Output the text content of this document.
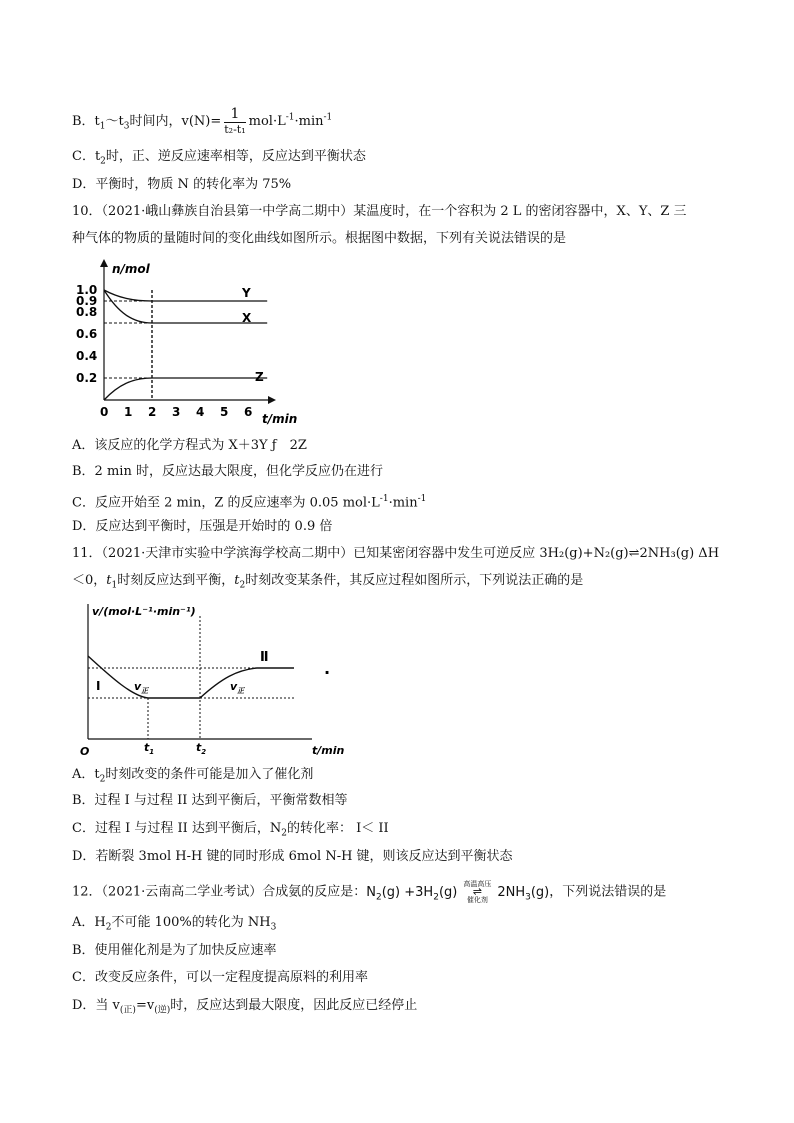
B．$t_1\sim t_3$时间内，$v(N)= \frac{1}{\text{t₂-t₁}} mol\cdot L^{-1}\cdot\min^{-1}$
C．$t_2$时，正、逆反应速率相等，反应达到平衡状态
D．平衡时，物质 N 的转化率为 75%
10．（2021·峨山彝族自治县第一中学高二期中）某温度时，在一个容积为 2 L 的密闭容器中，X、Y、Z 三
种气体的物质的量随时间的变化曲线如图所示。根据图中数据，下列有关说法错误的是
n/mol
t/min
1.0
0.9
0.8
0.6
0.4
0.2
0 1 2 3 4 5 6
Y
X
Z
A．该反应的化学方程式为 X＋3Y ƒ　2Z
B．2 min 时，反应达最大限度，但化学反应仍在进行
C．反应开始至 2 min，Z 的反应速率为 0.05 $mol\cdot L^{-1}\cdot\min^{-1}$
D．反应达到平衡时，压强是开始时的 0.9 倍
11．（2021·天津市实验中学滨海学校高二期中）已知某密闭容器中发生可逆反应 3H₂(g)+N₂(g)⇌2NH₃(g) ΔH
＜0，$t_1$时刻反应达到平衡，$t_2$时刻改变某条件，其反应过程如图所示，下列说法正确的是
v/(mol·L⁻¹·min⁻¹)
t/min
O
I
Ⅱ
$v_正$	$v_正$
$t_1$	$t_2$
·
A．$t_2$时刻改变的条件可能是加入了催化剂
B．过程 I 与过程 II 达到平衡后，平衡常数相等
C．过程 I 与过程 II 达到平衡后，$N_2$的转化率： I＜ II
D．若断裂 3mol H-H 键的同时形成 6mol N-H 键，则该反应达到平衡状态
12．（2021·云南高二学业考试）合成氨的反应是：$N_2(g) +3H_2(g)$
高温高压
⇌
催化剂
$2NH_3(g)$，下列说法错误的是
A．$H_2$不可能 100%的转化为 $NH_3$
B．使用催化剂是为了加快反应速率
C．改变反应条件，可以一定程度提高原料的利用率
D．当 $v_{(正)}=v_{(逆)}$时，反应达到最大限度，因此反应已经停止
